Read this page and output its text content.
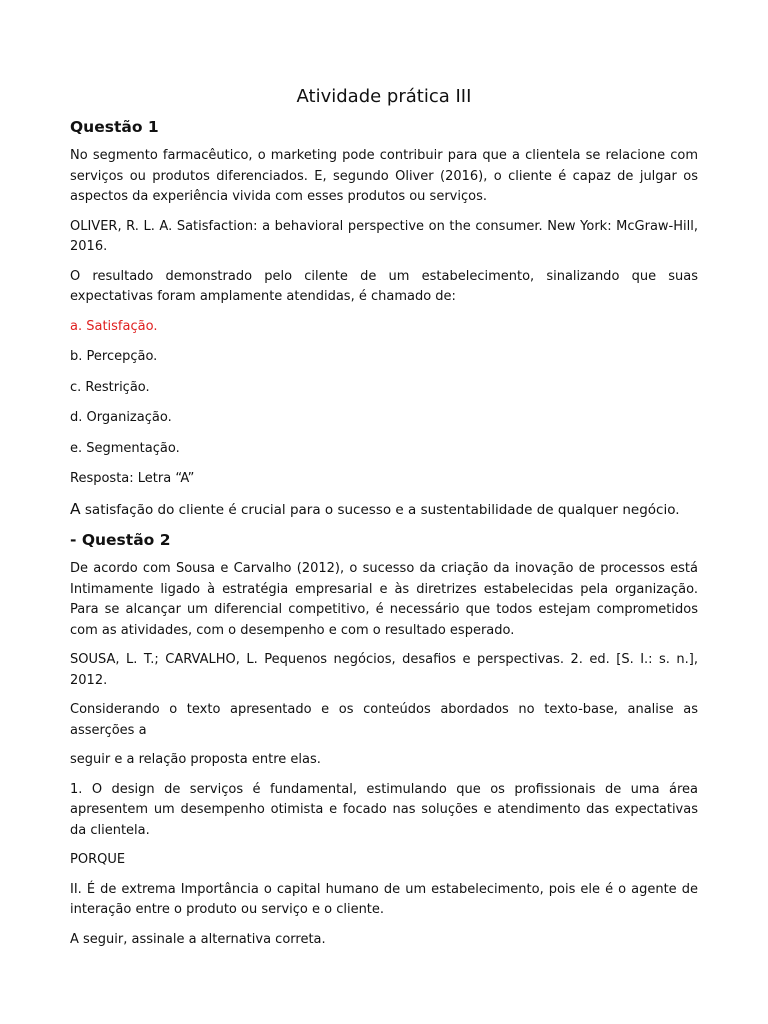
Atividade prática III
Questão 1

No segmento farmacêutico, o marketing pode contribuir para que a clientela se relacione com serviços ou produtos diferenciados. E, segundo Oliver (2016), o cliente é capaz de julgar os aspectos da experiência vivida com esses produtos ou serviços.

OLIVER, R. L. A. Satisfaction: a behavioral perspective on the consumer. New York: McGraw-Hill, 2016.

O resultado demonstrado pelo cilente de um estabelecimento, sinalizando que suas expectativas foram amplamente atendidas, é chamado de:

a. Satisfação.

b. Percepção.

c. Restrição.

d. Organização.

e. Segmentação.

Resposta: Letra “A”

A satisfação do cliente é crucial para o sucesso e a sustentabilidade de qualquer negócio.

- Questão 2

De acordo com Sousa e Carvalho (2012), o sucesso da criação da inovação de processos está Intimamente ligado à estratégia empresarial e às diretrizes estabelecidas pela organização. Para se alcançar um diferencial competitivo, é necessário que todos estejam comprometidos com as atividades, com o desempenho e com o resultado esperado.

SOUSA, L. T.; CARVALHO, L. Pequenos negócios, desafios e perspectivas. 2. ed. [S. I.: s. n.], 2012.

Considerando o texto apresentado e os conteúdos abordados no texto-base, analise as asserções a

seguir e a relação proposta entre elas.

1. O design de serviços é fundamental, estimulando que os profissionais de uma área apresentem um desempenho otimista e focado nas soluções e atendimento das expectativas da clientela.

PORQUE

II. É de extrema Importância o capital humano de um estabelecimento, pois ele é o agente de interação entre o produto ou serviço e o cliente.

A seguir, assinale a alternativa correta.
